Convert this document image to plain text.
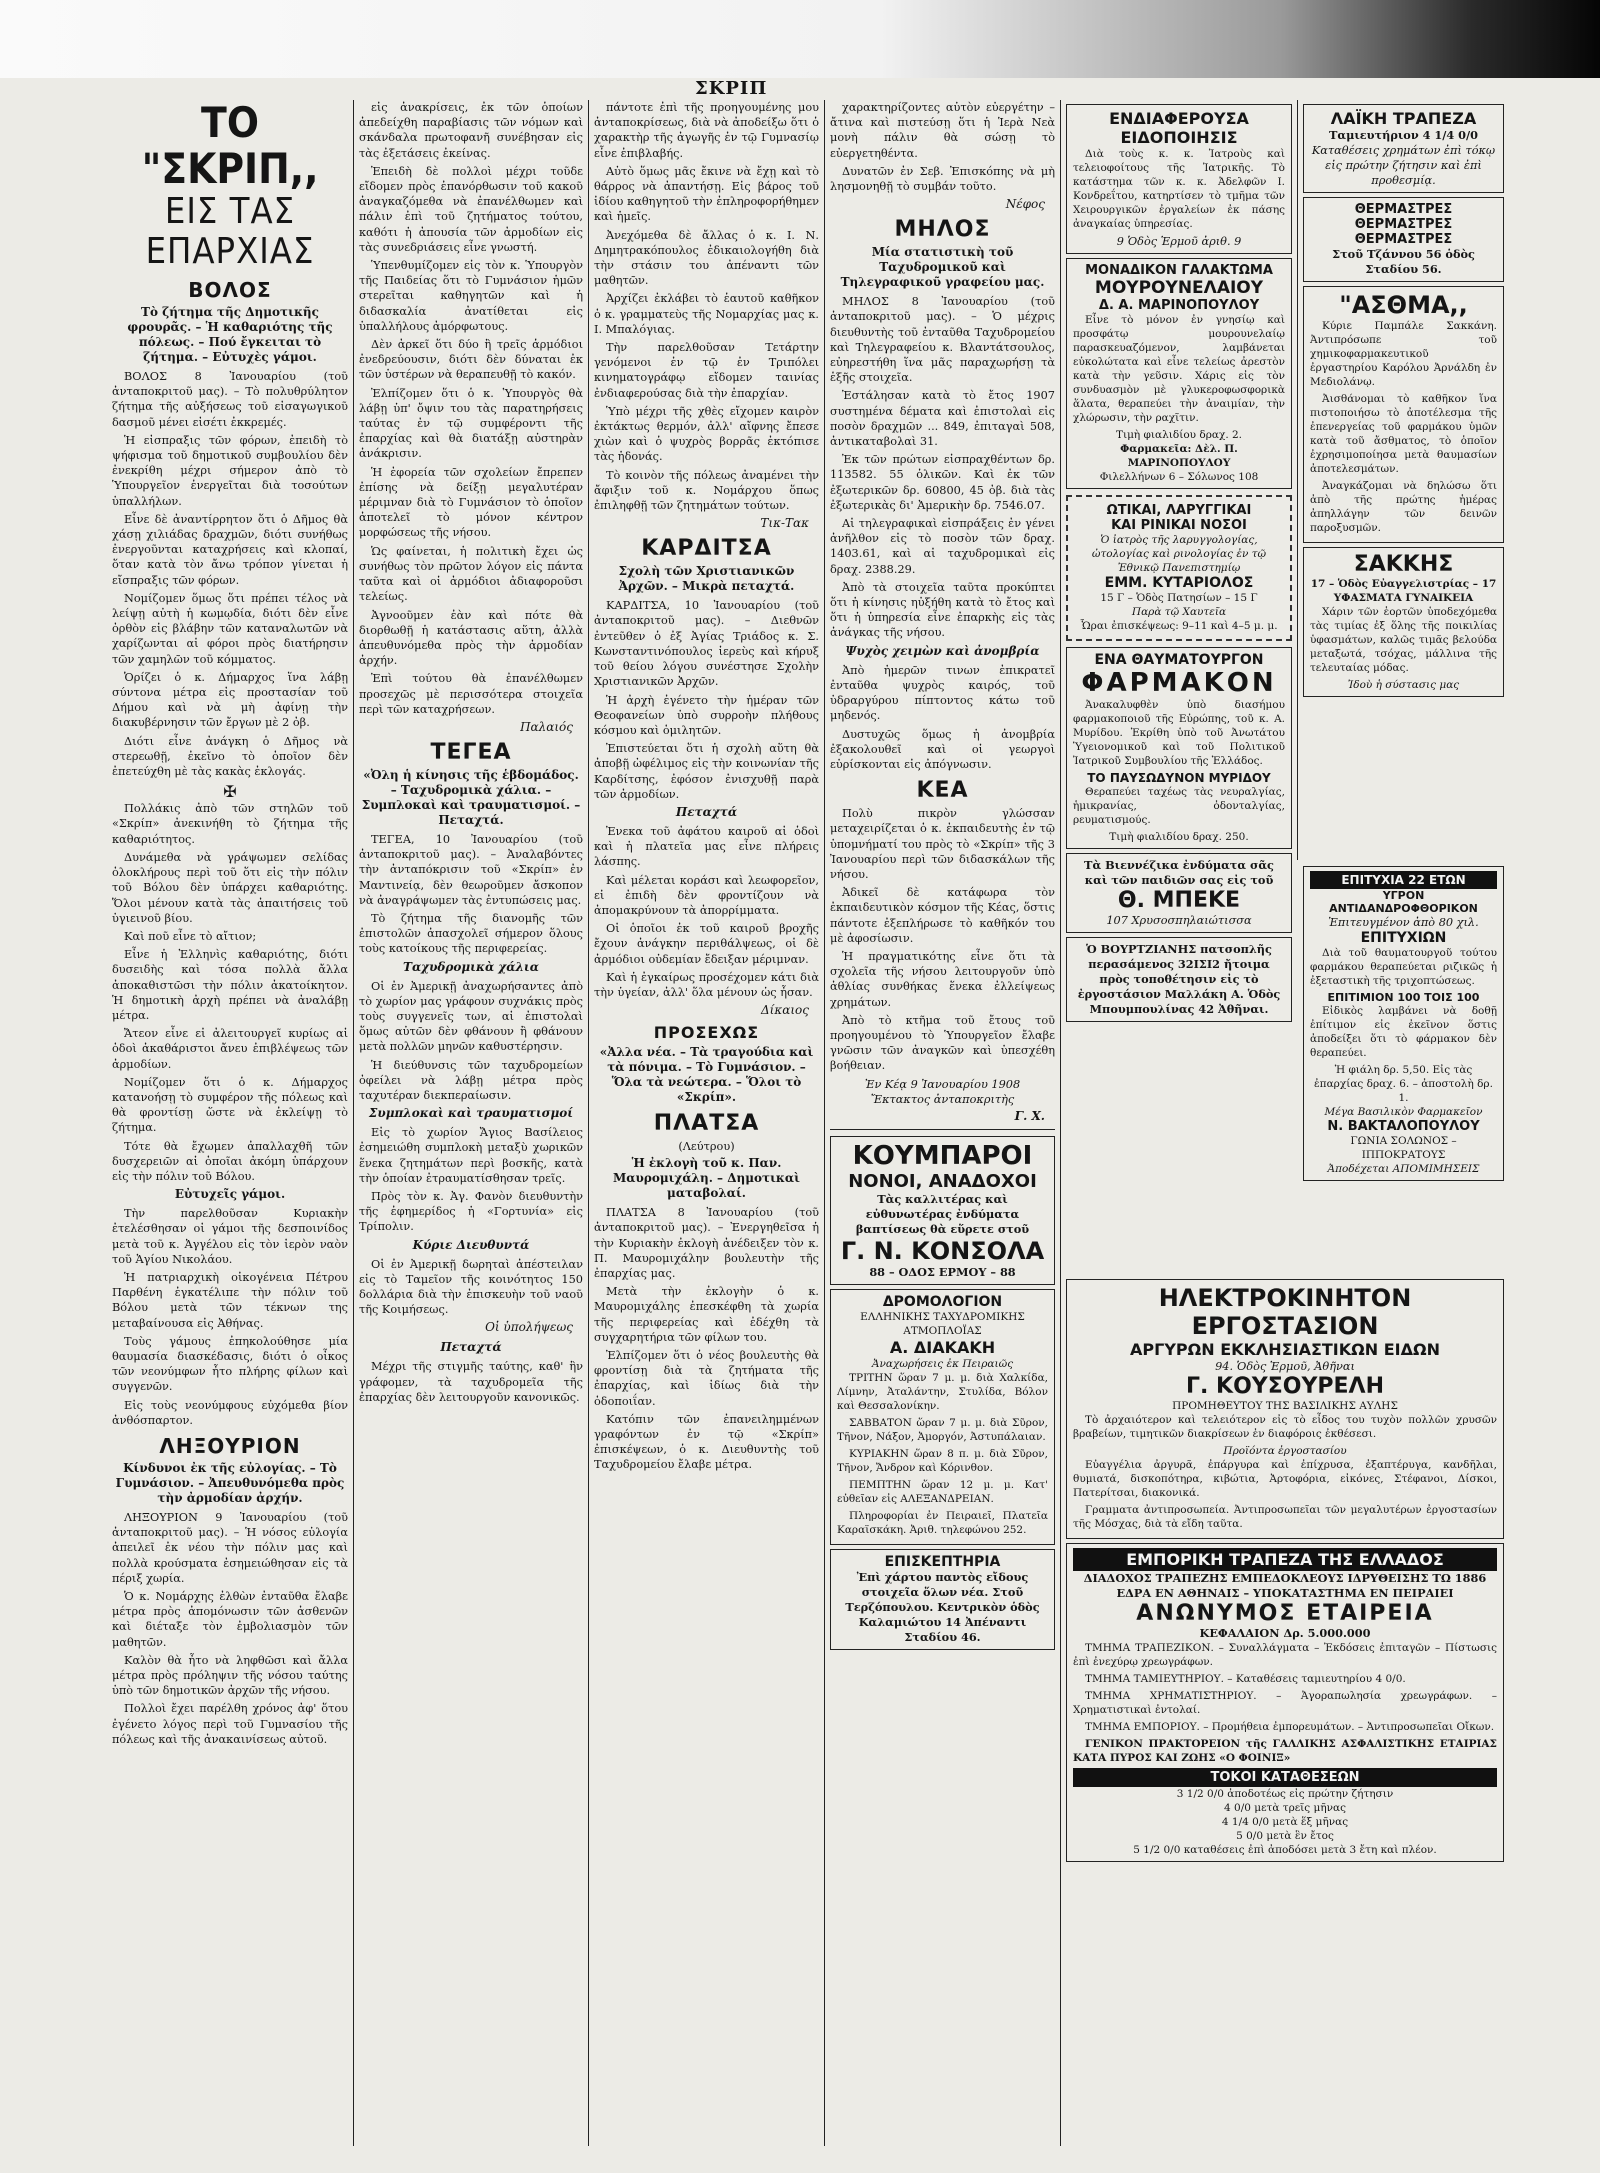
ΣΚΡΙΠ
ΤΟ "ΣΚΡΙΠ,,
ΕΙΣ ΤΑΣ ΕΠΑΡΧΙΑΣ
ΒΟΛΟΣ
Τὸ ζήτημα τῆς Δημοτικῆς φρουρᾶς. – Ἡ καθαριότης τῆς πόλεως. – Πού ἔγκειται τὸ ζήτημα. – Εὐτυχὲς γάμοι.

ΒΟΛΟΣ 8 Ἰανουαρίου (τοῦ ἀνταποκριτοῦ μας). – Τὸ πολυθρύλητον ζήτημα τῆς αὐξήσεως τοῦ εἰσαγωγικοῦ δασμοῦ μένει εἰσέτι ἐκκρεμές.

Ἡ εἰσπραξις τῶν φόρων, ἐπειδὴ τὸ ψήφισμα τοῦ δημοτικοῦ συμβουλίου δὲν ἐνεκρίθη μέχρι σήμερον ἀπὸ τὸ Ὑπουργεῖον ἐνεργεῖται διὰ τοσούτων ὑπαλλήλων.

Εἶνε δὲ ἀναντίρρητον ὅτι ὁ Δῆμος θὰ χάσῃ χιλιάδας δραχμῶν, διότι συνήθως ἐνεργοῦνται καταχρήσεις καὶ κλοπαί, ὅταν κατὰ τὸν ἄνω τρόπον γίνεται ἡ εἴσπραξις τῶν φόρων.

Νομίζομεν ὅμως ὅτι πρέπει τέλος νὰ λείψῃ αὐτὴ ἡ κωμῳδία, διότι δὲν εἶνε ὀρθὸν εἰς βλάβην τῶν καταναλωτῶν νὰ χαρίζωνται αἱ φόροι πρὸς διατήρησιν τῶν χαμηλῶν τοῦ κόμματος.

Ὁρίζει ὁ κ. Δήμαρχος ἵνα λάβῃ σύντονα μέτρα εἰς προστασίαν τοῦ Δήμου καὶ νὰ μὴ ἀφίνῃ τὴν διακυβέρνησιν τῶν ἔργων μὲ 2 ὀβ.

Διότι εἶνε ἀνάγκη ὁ Δῆμος νὰ στερεωθῇ, ἐκεῖνο τὸ ὁποῖον δὲν ἐπετεύχθη μὲ τὰς κακὰς ἐκλογάς.

✠

Πολλάκις ἀπὸ τῶν στηλῶν τοῦ «Σκρίπ» ἀνεκινήθη τὸ ζήτημα τῆς καθαριότητος.

Δυνάμεθα νὰ γράψωμεν σελίδας ὁλοκλήρους περὶ τοῦ ὅτι εἰς τὴν πόλιν τοῦ Βόλου δὲν ὑπάρχει καθαριότης. Ὅλοι μένουν κατὰ τὰς ἀπαιτήσεις τοῦ ὑγιεινοῦ βίου.

Καὶ ποῦ εἶνε τὸ αἴτιον;

Εἶνε ἡ Ἑλληνὶς καθαριότης, διότι δυσειδὴς καὶ τόσα πολλὰ ἄλλα ἀποκαθιστῶσι τὴν πόλιν ἀκατοίκητον. Ἡ δημοτικὴ ἀρχὴ πρέπει νὰ ἀναλάβῃ μέτρα.

Ἄτεον εἶνε εἰ ἀλειτουργεῖ κυρίως αἱ ὁδοὶ ἀκαθάριστοι ἄνευ ἐπιβλέψεως τῶν ἀρμοδίων.

Νομίζομεν ὅτι ὁ κ. Δήμαρχος κατανοήσῃ τὸ συμφέρον τῆς πόλεως καὶ θὰ φροντίσῃ ὥστε νὰ ἐκλείψῃ τὸ ζήτημα.

Τότε θὰ ἔχωμεν ἀπαλλαχθῆ τῶν δυσχερειῶν αἱ ὁποῖαι ἀκόμη ὑπάρχουν εἰς τὴν πόλιν τοῦ Βόλου.

Εὐτυχεῖς γάμοι.

Τὴν παρελθοῦσαν Κυριακὴν ἐτελέσθησαν οἱ γάμοι τῆς δεσποινίδος μετὰ τοῦ κ. Ἀγγέλου εἰς τὸν ἱερὸν ναὸν τοῦ Ἁγίου Νικολάου.

Ἡ πατριαρχικὴ οἰκογένεια Πέτρου Παρθένη ἐγκατέλιπε τὴν πόλιν τοῦ Βόλου μετὰ τῶν τέκνων της μεταβαίνουσα εἰς Ἀθήνας.

Τοὺς γάμους ἐπηκολούθησε μία θαυμασία διασκέδασις, διότι ὁ οἶκος τῶν νεονύμφων ἦτο πλήρης φίλων καὶ συγγενῶν.

Εἰς τοὺς νεονύμφους εὐχόμεθα βίον ἀνθόσπαρτον.

ΛΗΞΟΥΡΙΟΝ
Κίνδυνοι ἐκ τῆς εὐλογίας. – Τὸ Γυμνάσιον. – Ἀπευθυνόμεθα πρὸς τὴν ἀρμοδίαν ἀρχήν.

ΛΗΞΟΥΡΙΟΝ 9 Ἰανουαρίου (τοῦ ἀνταποκριτοῦ μας). – Ἡ νόσος εὐλογία ἀπειλεῖ ἐκ νέου τὴν πόλιν μας καὶ πολλὰ κρούσματα ἐσημειώθησαν εἰς τὰ πέριξ χωρία.

Ὁ κ. Νομάρχης ἐλθὼν ἐνταῦθα ἔλαβε μέτρα πρὸς ἀπομόνωσιν τῶν ἀσθενῶν καὶ διέταξε τὸν ἐμβολιασμὸν τῶν μαθητῶν.

Καλὸν θὰ ἦτο νὰ ληφθῶσι καὶ ἄλλα μέτρα πρὸς πρόληψιν τῆς νόσου ταύτης ὑπὸ τῶν δημοτικῶν ἀρχῶν τῆς νήσου.

Πολλοὶ ἔχει παρέλθη χρόνος ἀφ' ὅτου ἐγένετο λόγος περὶ τοῦ Γυμνασίου τῆς πόλεως καὶ τῆς ἀνακαινίσεως αὐτοῦ.

εἰς ἀνακρίσεις, ἐκ τῶν ὁποίων ἀπεδείχθη παραβίασις τῶν νόμων καὶ σκάνδαλα πρωτοφανῆ συνέβησαν εἰς τὰς ἐξετάσεις ἐκείνας.

Ἐπειδὴ δὲ πολλοὶ μέχρι τοῦδε εἴδομεν πρὸς ἐπανόρθωσιν τοῦ κακοῦ ἀναγκαζόμεθα νὰ ἐπανέλθωμεν καὶ πάλιν ἐπὶ τοῦ ζητήματος τούτου, καθότι ἡ ἀπουσία τῶν ἀρμοδίων εἰς τὰς συνεδριάσεις εἶνε γνωστή.

Ὑπενθυμίζομεν εἰς τὸν κ. Ὑπουργὸν τῆς Παιδείας ὅτι τὸ Γυμνάσιον ἡμῶν στερεῖται καθηγητῶν καὶ ἡ διδασκαλία ἀνατίθεται εἰς ὑπαλλήλους ἀμόρφωτους.

Δὲν ἀρκεῖ ὅτι δύο ἢ τρεῖς ἁρμόδιοι ἐνεδρεύουσιν, διότι δὲν δύναται ἐκ τῶν ὑστέρων νὰ θεραπευθῇ τὸ κακόν.

Ἐλπίζομεν ὅτι ὁ κ. Ὑπουργὸς θὰ λάβῃ ὑπ' ὄψιν του τὰς παρατηρήσεις ταύτας ἐν τῷ συμφέροντι τῆς ἐπαρχίας καὶ θὰ διατάξῃ αὐστηρὰν ἀνάκρισιν.

Ἡ ἐφορεία τῶν σχολείων ἔπρεπεν ἐπίσης νὰ δείξῃ μεγαλυτέραν μέριμναν διὰ τὸ Γυμνάσιον τὸ ὁποῖον ἀποτελεῖ τὸ μόνον κέντρον μορφώσεως τῆς νήσου.

Ὡς φαίνεται, ἡ πολιτικὴ ἔχει ὡς συνήθως τὸν πρῶτον λόγον εἰς πάντα ταῦτα καὶ οἱ ἀρμόδιοι ἀδιαφοροῦσι τελείως.

Ἀγνοοῦμεν ἐὰν καὶ πότε θὰ διορθωθῇ ἡ κατάστασις αὕτη, ἀλλὰ ἀπευθυνόμεθα πρὸς τὴν ἀρμοδίαν ἀρχήν.

Ἐπὶ τούτου θὰ ἐπανέλθωμεν προσεχῶς μὲ περισσότερα στοιχεῖα περὶ τῶν καταχρήσεων.

Παλαιός
ΤΕΓΕΑ
«Ὀλη ἡ κίνησις τῆς ἑβδομάδος. – Ταχυδρομικὰ χάλια. – Συμπλοκαὶ καὶ τραυματισμοί. – Πεταχτά.

ΤΕΓΕΑ, 10 Ἰανουαρίου (τοῦ ἀνταποκριτοῦ μας). – Ἀναλαβόντες τὴν ἀνταπόκρισιν τοῦ «Σκρίπ» ἐν Μαντινείᾳ, δὲν θεωροῦμεν ἄσκοπον νὰ ἀναγράψωμεν τὰς ἐντυπώσεις μας.

Τὸ ζήτημα τῆς διανομῆς τῶν ἐπιστολῶν ἀπασχολεῖ σήμερον ὅλους τοὺς κατοίκους τῆς περιφερείας.

Ταχυδρομικὰ χάλια

Οἱ ἐν Ἀμερικῇ ἀναχωρήσαντες ἀπὸ τὸ χωρίον μας γράφουν συχνάκις πρὸς τοὺς συγγενεῖς των, αἱ ἐπιστολαὶ ὅμως αὐτῶν δὲν φθάνουν ἢ φθάνουν μετὰ πολλῶν μηνῶν καθυστέρησιν.

Ἡ διεύθυνσις τῶν ταχυδρομείων ὀφείλει νὰ λάβῃ μέτρα πρὸς ταχυτέραν διεκπεραίωσιν.

Συμπλοκαὶ καὶ τραυματισμοί

Εἰς τὸ χωρίον Ἄγιος Βασίλειος ἐσημειώθη συμπλοκὴ μεταξὺ χωρικῶν ἕνεκα ζητημάτων περὶ βοσκῆς, κατὰ τὴν ὁποίαν ἐτραυματίσθησαν τρεῖς.

Πρὸς τὸν κ. Ἀγ. Φανὸν διευθυντὴν τῆς ἐφημερίδος ἡ «Γορτυνία» εἰς Τρίπολιν.

Κύριε Διευθυντά

Οἱ ἐν Ἀμερικῇ δωρηταὶ ἀπέστειλαν εἰς τὸ Ταμεῖον τῆς κοινότητος 150 δολλάρια διὰ τὴν ἐπισκευὴν τοῦ ναοῦ τῆς Κοιμήσεως.

Οἱ ὑπολήψεως
Πεταχτά

Μέχρι τῆς στιγμῆς ταύτης, καθ' ἣν γράφομεν, τὰ ταχυδρομεῖα τῆς ἐπαρχίας δὲν λειτουργοῦν κανονικῶς.

πάντοτε ἐπὶ τῆς προηγουμένης μου ἀνταποκρίσεως, διὰ νὰ ἀποδείξω ὅτι ὁ χαρακτὴρ τῆς ἀγωγῆς ἐν τῷ Γυμνασίῳ εἶνε ἐπιβλαβής.

Αὐτὸ ὅμως μᾶς ἔκινε νὰ ἔχῃ καὶ τὸ θάρρος νὰ ἀπαντήσῃ. Εἰς βάρος τοῦ ἰδίου καθηγητοῦ τὴν ἐπληροφορήθημεν καὶ ἡμεῖς.

Ἀνεχόμεθα δὲ ἄλλας ὁ κ. Ι. Ν. Δημητρακόπουλος ἐδικαιολογήθη διὰ τὴν στάσιν του ἀπέναντι τῶν μαθητῶν.

Ἀρχίζει ἐκλάβει τὸ ἑαυτοῦ καθῆκον ὁ κ. γραμματεὺς τῆς Νομαρχίας μας κ. Ι. Μπαλόγιας.

Τὴν παρελθοῦσαν Τετάρτην γενόμενοι ἐν τῷ ἐν Τριπόλει κινηματογράφῳ εἴδομεν ταινίας ἐνδιαφερούσας διὰ τὴν ἐπαρχίαν.

Ὑπὸ μέχρι τῆς χθὲς εἴχομεν καιρὸν ἐκτάκτως θερμόν, ἀλλ' αἴφνης ἔπεσε χιὼν καὶ ὁ ψυχρὸς βορρᾶς ἐκτόπισε τὰς ἡδονάς.

Τὸ κοινὸν τῆς πόλεως ἀναμένει τὴν ἄφιξιν τοῦ κ. Νομάρχου ὅπως ἐπιληφθῇ τῶν ζητημάτων τούτων.

Τικ-Τακ
ΚΑΡΔΙΤΣΑ
Σχολὴ τῶν Χριστιανικῶν Ἀρχῶν. – Μικρὰ πεταχτά.

ΚΑΡΔΙΤΣΑ, 10 Ἰανουαρίου (τοῦ ἀνταποκριτοῦ μας). – Διεθνῶν ἐντεῦθεν ὁ ἐξ Ἀγίας Τριάδος κ. Σ. Κωνσταντινόπουλος ἱερεὺς καὶ κήρυξ τοῦ θείου λόγου συνέστησε Σχολὴν Χριστιανικῶν Ἀρχῶν.

Ἡ ἀρχὴ ἐγένετο τὴν ἡμέραν τῶν Θεοφανείων ὑπὸ συρροὴν πλήθους κόσμου καὶ ὁμιλητῶν.

Ἐπιστεύεται ὅτι ἡ σχολὴ αὕτη θὰ ἀποβῇ ὠφέλιμος εἰς τὴν κοινωνίαν τῆς Καρδίτσης, ἐφόσον ἐνισχυθῇ παρὰ τῶν ἀρμοδίων.

Πεταχτά

Ἐνεκα τοῦ ἀφάτου καιροῦ αἱ ὁδοὶ καὶ ἡ πλατεῖα μας εἶνε πλήρεις λάσπης.

Καὶ μέλεται κοράσι καὶ λεωφορεῖον, εἰ ἐπιδὴ δὲν φροντίζουν νὰ ἀπομακρύνουν τὰ ἀπορρίμματα.

Οἱ ὁποῖοι ἐκ τοῦ καιροῦ βροχῆς ἔχουν ἀνάγκην περιθάλψεως, οἱ δὲ ἀρμόδιοι οὐδεμίαν ἔδειξαν μέριμναν.

Καὶ ἡ ἐγκαίρως προσέχομεν κάτι διὰ τὴν ὑγείαν, ἀλλ' ὅλα μένουν ὡς ἦσαν.

Δίκαιος
ΠΡΟΣΕΧΩΣ
«Ἀλλα νέα. – Τὰ τραγούδια καὶ τὰ πόνιμα. – Τὸ Γυμνάσιον. – Ὅλα τὰ νεώτερα. – Ὅλοι τὸ «Σκρίπ».
ΠΛΑΤΣΑ
(Λεύτρου)
Ἡ ἐκλογὴ τοῦ κ. Παν. Μαυρομιχάλη. – Δημοτικαὶ ματαβολαί.

ΠΛΑΤΣΑ 8 Ἰανουαρίου (τοῦ ἀνταποκριτοῦ μας). – Ἐνεργηθεῖσα ἡ τὴν Κυριακὴν ἐκλογὴ ἀνέδειξεν τὸν κ. Π. Μαυρομιχάλην βουλευτὴν τῆς ἐπαρχίας μας.

Μετὰ τὴν ἐκλογὴν ὁ κ. Μαυρομιχάλης ἐπεσκέφθη τὰ χωρία τῆς περιφερείας καὶ ἐδέχθη τὰ συγχαρητήρια τῶν φίλων του.

Ἐλπίζομεν ὅτι ὁ νέος βουλευτὴς θὰ φροντίσῃ διὰ τὰ ζητήματα τῆς ἐπαρχίας, καὶ ἰδίως διὰ τὴν ὁδοποιΐαν.

Κατόπιν τῶν ἐπανειλημμένων γραφόντων ἐν τῷ «Σκρίπ» ἐπισκέψεων, ὁ κ. Διευθυντὴς τοῦ Ταχυδρομείου ἔλαβε μέτρα.

χαρακτηρίζοντες αὐτὸν εὐεργέτην – ἄτινα καὶ πιστεύσῃ ὅτι ἡ Ἱερὰ Νεὰ μονὴ πάλιν θὰ σώσῃ τὸ εὐεργετηθέντα.

Δυνατῶν ἐν Σεβ. Ἐπισκόπης νὰ μὴ λησμονηθῇ τὸ συμβάν τοῦτο.

Νέφος
ΜΗΛΟΣ
Μία στατιστικὴ τοῦ Ταχυδρομικοῦ καὶ Τηλεγραφικοῦ γραφείου μας.

ΜΗΛΟΣ 8 Ἰανουαρίου (τοῦ ἀνταποκριτοῦ μας). – Ὁ μέχρις διευθυντὴς τοῦ ἐνταῦθα Ταχυδρομείου καὶ Τηλεγραφείου κ. Βλαντάτσουλος, εὐηρεστήθη ἵνα μᾶς παραχωρήσῃ τὰ ἑξῆς στοιχεῖα.

Ἐστάλησαν κατὰ τὸ ἔτος 1907 συστημένα δέματα καὶ ἐπιστολαὶ εἰς ποσὸν δραχμῶν ... 849, ἐπιταγαὶ 508, ἀντικαταβολαὶ 31.

Ἐκ τῶν πρώτων εἰσπραχθέντων δρ. 113582. 55 ὁλικῶν. Καὶ ἐκ τῶν ἐξωτερικῶν δρ. 60800, 45 ὀβ. διὰ τὰς ἐξωτερικὰς δι' Ἀμερικὴν δρ. 7546.07.

Αἱ τηλεγραφικαὶ εἰσπράξεις ἐν γένει ἀνῆλθον εἰς τὸ ποσὸν τῶν δραχ. 1403.61, καὶ αἱ ταχυδρομικαὶ εἰς δραχ. 2388.29.

Ἀπὸ τὰ στοιχεῖα ταῦτα προκύπτει ὅτι ἡ κίνησις ηὐξήθη κατὰ τὸ ἔτος καὶ ὅτι ἡ ὑπηρεσία εἶνε ἐπαρκὴς εἰς τὰς ἀνάγκας τῆς νήσου.

Ψυχὸς χειμὼν καὶ ἀνομβρία

Ἀπὸ ἡμερῶν τινων ἐπικρατεῖ ἐνταῦθα ψυχρὸς καιρός, τοῦ ὑδραργύρου πίπτοντος κάτω τοῦ μηδενός.

Δυστυχῶς ὅμως ἡ ἀνομβρία ἐξακολουθεῖ καὶ οἱ γεωργοὶ εὑρίσκονται εἰς ἀπόγνωσιν.

ΚΕΑ

Πολὺ πικρὸν γλώσσαν μεταχειρίζεται ὁ κ. ἐκπαιδευτὴς ἐν τῷ ὑπομνήματί του πρὸς τὸ «Σκρίπ» τῆς 3 Ἰανουαρίου περὶ τῶν διδασκάλων τῆς νήσου.

Ἀδικεῖ δὲ κατάφωρα τὸν ἐκπαιδευτικὸν κόσμον τῆς Κέας, ὅστις πάντοτε ἐξεπλήρωσε τὸ καθῆκόν του μὲ ἀφοσίωσιν.

Ἡ πραγματικότης εἶνε ὅτι τὰ σχολεῖα τῆς νήσου λειτουργοῦν ὑπὸ ἀθλίας συνθήκας ἕνεκα ἐλλείψεως χρημάτων.

Ἀπὸ τὸ κτῆμα τοῦ ἔτους τοῦ προηγουμένου τὸ Ὑπουργεῖον ἔλαβε γνῶσιν τῶν ἀναγκῶν καὶ ὑπεσχέθη βοήθειαν.

Ἐν Κέᾳ 9 Ἰανουαρίου 1908
Ἔκτακτος ἀνταποκριτὴς
Γ. Χ.
ΚΟΥΜΠΑΡΟΙ
ΝΟΝΟΙ, ΑΝΑΔΟΧΟΙ
Τὰς καλλιτέρας καὶ εὐθυνωτέρας ἐνδύματα βαπτίσεως θὰ εὕρετε στοῦ
Γ. Ν. ΚΟΝΣΟΛΑ
88 – ΟΔΟΣ ΕΡΜΟΥ – 88
ΔΡΟΜΟΛΟΓΙΟΝ
ΕΛΛΗΝΙΚΗΣ ΤΑΧΥΔΡΟΜΙΚΗΣ ΑΤΜΟΠΛΟΪΑΣ
Α. ΔΙΑΚΑΚΗ
Ἀναχωρήσεις ἐκ Πειραιῶς

ΤΡΙΤΗΝ ὥραν 7 μ. μ. διὰ Χαλκίδα, Λίμνην, Ἀταλάντην, Στυλίδα, Βόλον καὶ Θεσσαλονίκην.

ΣΑΒΒΑΤΟΝ ὥραν 7 μ. μ. διὰ Σῦρον, Τῆνον, Νάξον, Ἀμοργόν, Ἀστυπάλαιαν.

ΚΥΡΙΑΚΗΝ ὥραν 8 π. μ. διὰ Σῦρον, Τῆνον, Ἄνδρον καὶ Κόρινθον.

ΠΕΜΠΤΗΝ ὥραν 12 μ. μ. Κατ' εὐθεῖαν εἰς ΑΛΕΞΑΝΔΡΕΙΑΝ.

Πληροφορίαι ἐν Πειραιεῖ, Πλατεῖα Καραϊσκάκη. Ἀριθ. τηλεφώνου 252.

ΕΠΙΣΚΕΠΤΗΡΙΑ
Ἐπὶ χάρτου παντὸς εἴδους στοιχεῖα ὅλων νέα. Στοῦ Τερζόπουλου. Κεντρικὸν ὁδὸς Καλαμιώτου 14 Ἀπέναντι Σταδίου 46.
ΕΝΔΙΑΦΕΡΟΥΣΑ ΕΙΔΟΠΟΙΗΣΙΣ

Διὰ τοὺς κ. κ. Ἰατροὺς καὶ τελειοφοίτους τῆς Ἰατρικῆς. Τὸ κατάστημα τῶν κ. κ. Ἀδελφῶν Ι. Κονδρεΐτου, κατηρτίσεν τὸ τμῆμα τῶν Χειρουργικῶν ἐργαλείων ἐκ πάσης ἀναγκαίας ὑπηρεσίας.

9 Ὁδὸς Ἑρμοῦ ἀριθ. 9
ΜΟΝΑΔΙΚΟΝ ΓΑΛΑΚΤΩΜΑ
ΜΟΥΡΟΥΝΕΛΑΙΟΥ
Δ. Α. ΜΑΡΙΝΟΠΟΥΛΟΥ

Εἶνε τὸ μόνον ἐν γνησίῳ καὶ προσφάτῳ μουρουνελαίῳ παρασκευαζόμενον, λαμβάνεται εὐκολώτατα καὶ εἶνε τελείως ἀρεστὸν κατὰ τὴν γεῦσιν. Χάρις εἰς τὸν συνδυασμὸν μὲ γλυκεροφωσφορικὰ ἅλατα, θεραπεύει τὴν ἀναιμίαν, τὴν χλώρωσιν, τὴν ραχῖτιν.

Τιμὴ φιαλιδίου δραχ. 2.
Φαρμακεῖα: Δὲλ. Π. ΜΑΡΙΝΟΠΟΥΛΟΥ
Φιλελλήνων 6 – Σόλωνος 108
ΩΤΙΚΑΙ, ΛΑΡΥΓΓΙΚΑΙ
ΚΑΙ ΡΙΝΙΚΑΙ ΝΟΣΟΙ
Ὁ ἰατρὸς τῆς λαρυγγολογίας, ὠτολογίας καὶ ρινολογίας ἐν τῷ Ἐθνικῷ Πανεπιστημίῳ
ΕΜΜ. ΚΥΤΑΡΙΟΛΟΣ
15 Γ – Ὁδὸς Πατησίων – 15 Γ
Παρὰ τῷ Χαυτεῖα
Ὧραι ἐπισκέψεως: 9–11 καὶ 4–5 μ. μ.
ΕΝΑ ΘΑΥΜΑΤΟΥΡΓΟΝ
ΦΑΡΜΑΚΟΝ

Ἀνακαλυφθὲν ὑπὸ διασήμου φαρμακοποιοῦ τῆς Εὐρώπης, τοῦ κ. Α. Μυρίδου. Ἐκρίθη ὑπὸ τοῦ Ἀνωτάτου Ὑγειονομικοῦ καὶ τοῦ Πολιτικοῦ Ἰατρικοῦ Συμβουλίου τῆς Ἑλλάδος.

ΤΟ ΠΑΥΣΩΔΥΝΟΝ ΜΥΡΙΔΟΥ

Θεραπεύει ταχέως τὰς νευραλγίας, ἡμικρανίας, ὀδονταλγίας, ρευματισμούς.

Τιμὴ φιαλιδίου δραχ. 250.
Τὰ Βιεννέζικα ἐνδύματα σᾶς καὶ τῶν παιδιῶν σας εἰς τοῦ
Θ. ΜΠΕΚΕ
107 Χρυσοσπηλαιώτισσα
Ὁ ΒΟΥΡΤΖΙΑΝΗΣ πατσοπλῆς περασάμενος 32ΙΣΙ2 ἤτοιμα πρὸς τοποθέτησιν εἰς τὸ ἐργοστάσιον Μαλλάκη Α. Ὁδὸς Μπουμπουλίνας 42 Ἀθῆναι.
ΛΑΪΚΗ ΤΡΑΠΕΖΑ
Ταμιευτήριον 4 1/4 0/0
Καταθέσεις χρημάτων ἐπὶ τόκῳ εἰς πρώτην ζήτησιν καὶ ἐπὶ προθεσμίᾳ.
ΘΕΡΜΑΣΤΡΕΣ ΘΕΡΜΑΣΤΡΕΣ
ΘΕΡΜΑΣΤΡΕΣ
Στοῦ Τζάννου 56 ὁδὸς Σταδίου 56.
"ΑΣΘΜΑ,,

Κύριε Παμπάλε Σακκάνη. Ἀντιπρόσωπε τοῦ χημικοφαρμακευτικοῦ ἐργαστηρίου Καρόλου Ἀρνάλδη ἐν Μεδιολάνῳ.

Ἀισθάνομαι τὸ καθῆκον ἵνα πιστοποιήσω τὸ ἀποτέλεσμα τῆς ἐπενεργείας τοῦ φαρμάκου ὑμῶν κατὰ τοῦ ἄσθματος, τὸ ὁποῖον ἐχρησιμοποίησα μετὰ θαυμασίων ἀποτελεσμάτων.

Ἀναγκάζομαι νὰ δηλώσω ὅτι ἀπὸ τῆς πρώτης ἡμέρας ἀπηλλάγην τῶν δεινῶν παροξυσμῶν.

ΣΑΚΚΗΣ
17 – Ὁδὸς Εὐαγγελιστρίας – 17
ΥΦΑΣΜΑΤΑ ΓΥΝΑΙΚΕΙΑ

Χάριν τῶν ἑορτῶν ὑποδεχόμεθα τὰς τιμίας ἐξ ὅλης τῆς ποικιλίας ὑφασμάτων, καλῶς τιμᾶς βελούδα μεταξωτά, τσόχας, μάλλινα τῆς τελευταίας μόδας.

Ἰδοὺ ἡ σύστασις μας
ΗΛΕΚΤΡΟΚΙΝΗΤΟΝ ΕΡΓΟΣΤΑΣΙΟΝ
ΑΡΓΥΡΩΝ ΕΚΚΛΗΣΙΑΣΤΙΚΩΝ ΕΙΔΩΝ
94. Ὁδὸς Ἑρμοῦ, Ἀθῆναι
Γ. ΚΟΥΣΟΥΡΕΛΗ
ΠΡΟΜΗΘΕΥΤΟΥ ΤΗΣ ΒΑΣΙΛΙΚΗΣ ΑΥΛΗΣ

Τὸ ἀρχαιότερον καὶ τελειότερον εἰς τὸ εἶδος του τυχὸν πολλῶν χρυσῶν βραβείων, τιμητικῶν διακρίσεων ἐν διαφόροις ἐκθέσεσι.

Προϊόντα ἐργοστασίου

Εὐαγγέλια ἀργυρᾶ, ἐπάργυρα καὶ ἐπίχρυσα, ἐξαπτέρυγα, κανδῆλαι, θυμιατά, δισκοπότηρα, κιβώτια, Ἀρτοφόρια, εἰκόνες, Στέφανοι, Δίσκοι, Πατερίτσαι, διακονικά.

Γραμματα ἀντιπροσωπεία. Ἀντιπροσωπεῖαι τῶν μεγαλυτέρων ἐργοστασίων τῆς Μόσχας, διὰ τὰ εἴδη ταῦτα.

ΕΜΠΟΡΙΚΗ ΤΡΑΠΕΖΑ ΤΗΣ ΕΛΛΑΔΟΣ
ΔΙΑΔΟΧΟΣ ΤΡΑΠΕΖΗΣ ΕΜΠΕΔΟΚΛΕΟΥΣ ΙΔΡΥΘΕΙΣΗΣ ΤΩ 1886
ΕΔΡΑ ΕΝ ΑΘΗΝΑΙΣ – ΥΠΟΚΑΤΑΣΤΗΜΑ ΕΝ ΠΕΙΡΑΙΕΙ
ΑΝΩΝΥΜΟΣ ΕΤΑΙΡΕΙΑ
ΚΕΦΑΛΑΙΟΝ Δρ. 5.000.000

ΤΜΗΜΑ ΤΡΑΠΕΖΙΚΟΝ. – Συναλλάγματα – Ἐκδόσεις ἐπιταγῶν – Πίστωσις ἐπὶ ἐνεχύρῳ χρεωγράφων.

ΤΜΗΜΑ ΤΑΜΙΕΥΤΗΡΙΟΥ. – Καταθέσεις ταμιευτηρίου 4 0/0.

ΤΜΗΜΑ ΧΡΗΜΑΤΙΣΤΗΡΙΟΥ. – Ἀγοραπωλησία χρεωγράφων. – Χρηματιστικαὶ ἐντολαί.

ΤΜΗΜΑ ΕΜΠΟΡΙΟΥ. – Προμήθεια ἐμπορευμάτων. – Ἀντιπροσωπεῖαι Οἴκων.

ΓΕΝΙΚΟΝ ΠΡΑΚΤΟΡΕΙΟΝ τῆς ΓΑΛΛΙΚΗΣ ΑΣΦΑΛΙΣΤΙΚΗΣ ΕΤΑΙΡΙΑΣ ΚΑΤΑ ΠΥΡΟΣ ΚΑΙ ΖΩΗΣ «Ο ΦΟΙΝΙΞ»

ΤΟΚΟΙ ΚΑΤΑΘΕΣΕΩΝ
3 1/2 0/0 ἀποδοτέως εἰς πρώτην ζήτησιν
4 0/0 μετὰ τρεῖς μῆνας
4 1/4 0/0 μετὰ ἕξ μῆνας
5 0/0 μετὰ ἓν ἔτος
5 1/2 0/0 καταθέσεις ἐπὶ ἀποδόσει μετὰ 3 ἔτη καὶ πλέον.
ΕΠΙΤΥΧΙΑ 22 ΕΤΩΝ
ΥΓΡΟΝ ΑΝΤΙΔΑΝΔΡΟΦΘΟΡΙΚΟΝ
Ἐπιτευγμένον ἀπὸ 80 χιλ.
ΕΠΙΤΥΧΙΩΝ

Διὰ τοῦ θαυματουργοῦ τούτου φαρμάκου θεραπεύεται ριζικῶς ἡ ἐξεταστικὴ τῆς τριχοπτώσεως.

ΕΠΙΤΙΜΙΟΝ 100 ΤΟΙΣ 100

Εἰδικὸς λαμβάνει νὰ δοθῇ ἐπίτιμον εἰς ἐκεῖνον ὅστις ἀποδείξει ὅτι τὸ φάρμακον δὲν θεραπεύει.

Ἡ φιάλη δρ. 5,50. Εἰς τὰς ἐπαρχίας δραχ. 6. – ἀποστολὴ δρ. 1.
Μέγα Βασιλικὸν Φαρμακεῖον
Ν. ΒΑΚΤΑΛΟΠΟΥΛΟΥ
ΓΩΝΙΑ ΣΟΛΩΝΟΣ – ΙΠΠΟΚΡΑΤΟΥΣ
Ἀποδέχεται ΑΠΟΜΙΜΗΣΕΙΣ
